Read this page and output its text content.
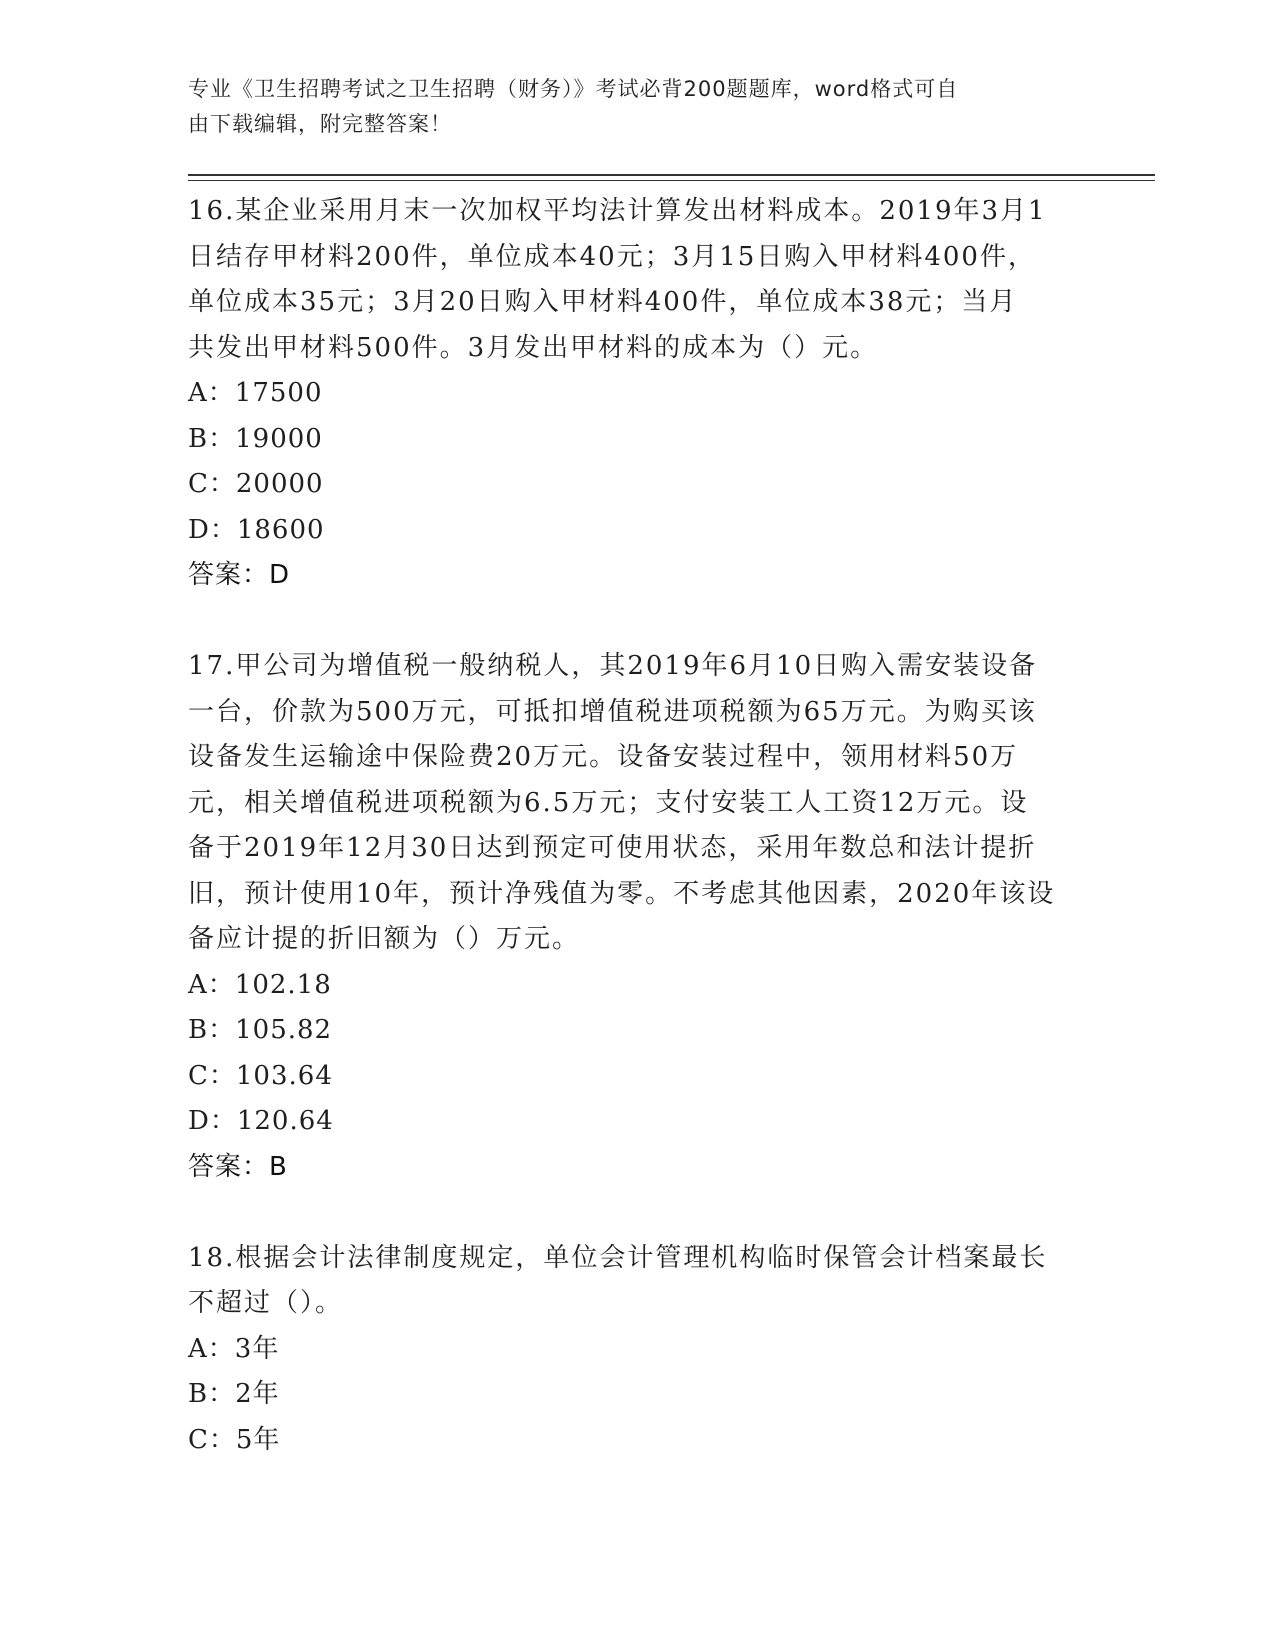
专业《卫生招聘考试之卫生招聘（财务）》考试必背200题题库，word格式可自
由下载编辑，附完整答案！
16.某企业采用月末一次加权平均法计算发出材料成本。2019年3月1
日结存甲材料200件，单位成本40元；3月15日购入甲材料400件，
单位成本35元；3月20日购入甲材料400件，单位成本38元；当月
共发出甲材料500件。3月发出甲材料的成本为（）元。
A：17500
B：19000
C：20000
D：18600
答案：D
17.甲公司为增值税一般纳税人，其2019年6月10日购入需安装设备
一台，价款为500万元，可抵扣增值税进项税额为65万元。为购买该
设备发生运输途中保险费20万元。设备安装过程中，领用材料50万
元，相关增值税进项税额为6.5万元；支付安装工人工资12万元。设
备于2019年12月30日达到预定可使用状态，采用年数总和法计提折
旧，预计使用10年，预计净残值为零。不考虑其他因素，2020年该设
备应计提的折旧额为（）万元。
A：102.18
B：105.82
C：103.64
D：120.64
答案：B
18.根据会计法律制度规定，单位会计管理机构临时保管会计档案最长
不超过（）。
A：3年
B：2年
C：5年
